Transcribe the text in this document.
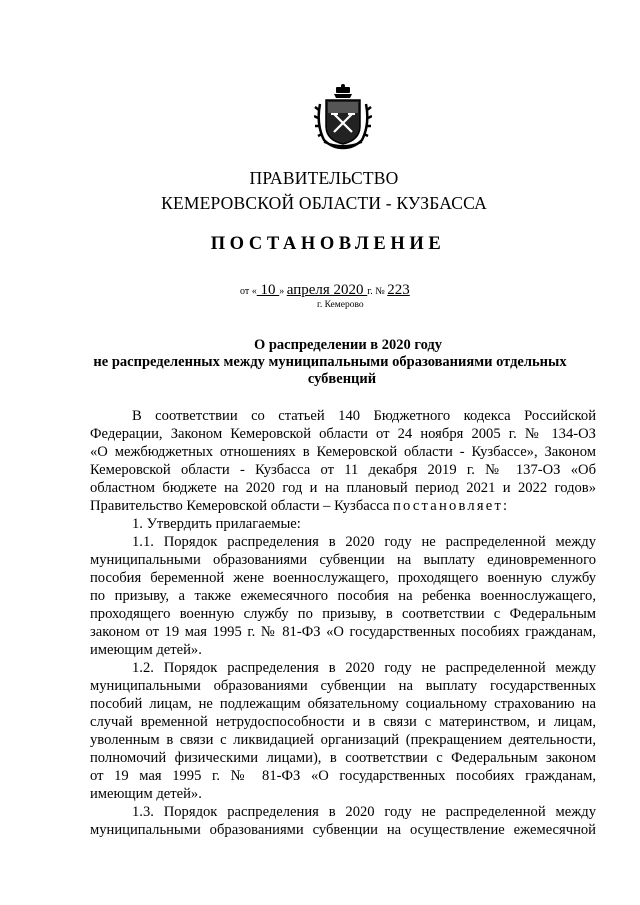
ПРАВИТЕЛЬСТВО
КЕМЕРОВСКОЙ ОБЛАСТИ - КУЗБАССА
ПОСТАНОВЛЕНИЕ
от « 10 » апреля 2020 г. № 223
г. Кемерово
О распределении в 2020 году
не распределенных между муниципальными образованиями отдельных
субвенций
В соответствии со статьей 140 Бюджетного кодекса Российской
Федерации, Законом Кемеровской области от 24 ноября 2005 г. № 134-ОЗ
«О межбюджетных отношениях в Кемеровской области - Кузбассе», Законом
Кемеровской области - Кузбасса от 11 декабря 2019 г. № 137-ОЗ «Об
областном бюджете на 2020 год и на плановый период 2021 и 2022 годов»
Правительство Кемеровской области – Кузбасса постановляет:
1. Утвердить прилагаемые:
1.1. Порядок распределения в 2020 году не распределенной между
муниципальными образованиями субвенции на выплату единовременного
пособия беременной жене военнослужащего, проходящего военную службу
по призыву, а также ежемесячного пособия на ребенка военнослужащего,
проходящего военную службу по призыву, в соответствии с Федеральным
законом от 19 мая 1995 г. № 81-ФЗ «О государственных пособиях гражданам,
имеющим детей».
1.2. Порядок распределения в 2020 году не распределенной между
муниципальными образованиями субвенции на выплату государственных
пособий лицам, не подлежащим обязательному социальному страхованию на
случай временной нетрудоспособности и в связи с материнством, и лицам,
уволенным в связи с ликвидацией организаций (прекращением деятельности,
полномочий физическими лицами), в соответствии с Федеральным законом
от 19 мая 1995 г. № 81-ФЗ «О государственных пособиях гражданам,
имеющим детей».
1.3. Порядок распределения в 2020 году не распределенной между
муниципальными образованиями субвенции на осуществление ежемесячной
